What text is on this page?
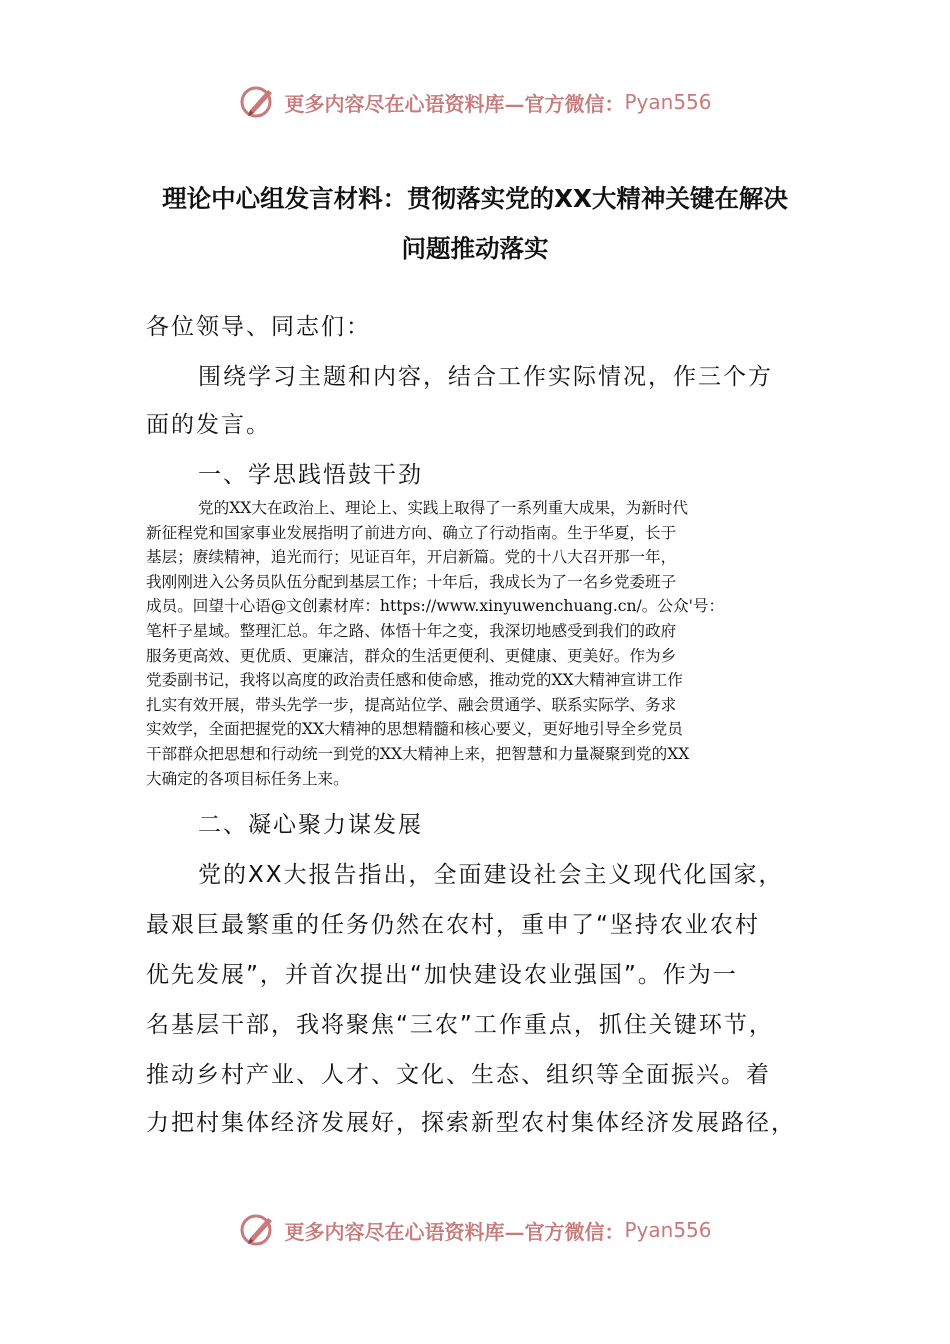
更多内容尽在心语资料库— 官方微信： Pyan556
理论中心组发言材料：贯彻落实党的XX大精神关键在解决
问题推动落实
各位领导、同志们：
围绕学习主题和内容，结合工作实际情况，作三个方
面的发言。
一、学思践悟鼓干劲
党的XX大在政治上、理论上、实践上取得了一系列重大成果，为新时代
新征程党和国家事业发展指明了前进方向、确立了行动指南。生于华夏，长于
基层；赓续精神，追光而行；见证百年，开启新篇。党的十八大召开那一年，
我刚刚进入公务员队伍分配到基层工作；十年后，我成长为了一名乡党委班子
成员。回望十心语@文创素材库：https://www.xinyuwenchuang.cn/。公众'号：
笔杆子星域。整理汇总。年之路、体悟十年之变，我深切地感受到我们的政府
服务更高效、更优质、更廉洁，群众的生活更便利、更健康、更美好。作为乡
党委副书记，我将以高度的政治责任感和使命感，推动党的XX大精神宣讲工作
扎实有效开展，带头先学一步，提高站位学、融会贯通学、联系实际学、务求
实效学，全面把握党的XX大精神的思想精髓和核心要义，更好地引导全乡党员
干部群众把思想和行动统一到党的XX大精神上来，把智慧和力量凝聚到党的XX
大确定的各项目标任务上来。
二、凝心聚力谋发展
党的XX大报告指出，全面建设社会主义现代化国家，
最艰巨最繁重的任务仍然在农村，重申了“坚持农业农村
优先发展”，并首次提出“加快建设农业强国”。作为一
名基层干部，我将聚焦“三农”工作重点，抓住关键环节，
推动乡村产业、人才、文化、生态、组织等全面振兴。着
力把村集体经济发展好，探索新型农村集体经济发展路径，
更多内容尽在心语资料库— 官方微信： Pyan556
